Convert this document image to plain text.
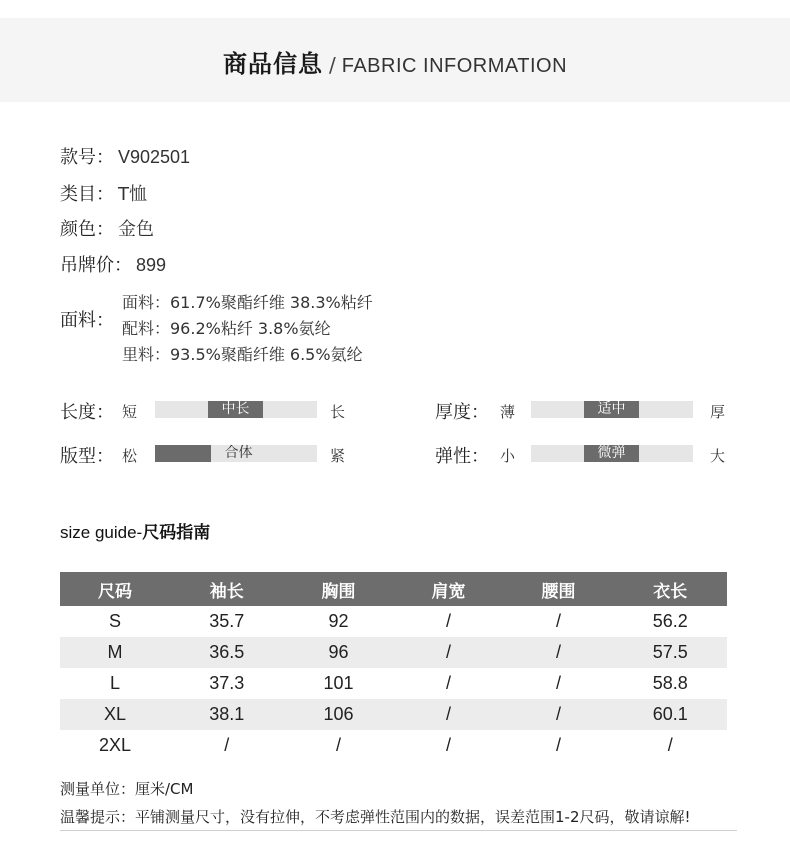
商品信息 / FABRIC INFORMATION
款号： V902501
类目： T恤
颜色： 金色
吊牌价： 899
面料：
面料：61.7%聚酯纤维 38.3%粘纤
配料：96.2%粘纤 3.8%氨纶
里料：93.5%聚酯纤维 6.5%氨纶
长度： 短	中长	长	厚度： 薄	适中	厚
版型： 松	合体	紧	弹性： 小	微弹	大
size guide-尺码指南
尺码	袖长	胸围	肩宽	腰围	衣长
S	35.7	92	/	/	56.2
M	36.5	96	/	/	57.5
L	37.3	101	/	/	58.8
XL	38.1	106	/	/	60.1
2XL	/	/	/	/	/
测量单位：厘米/CM
温馨提示：平铺测量尺寸，没有拉伸，不考虑弹性范围内的数据，误差范围1-2尺码，敬请谅解!
